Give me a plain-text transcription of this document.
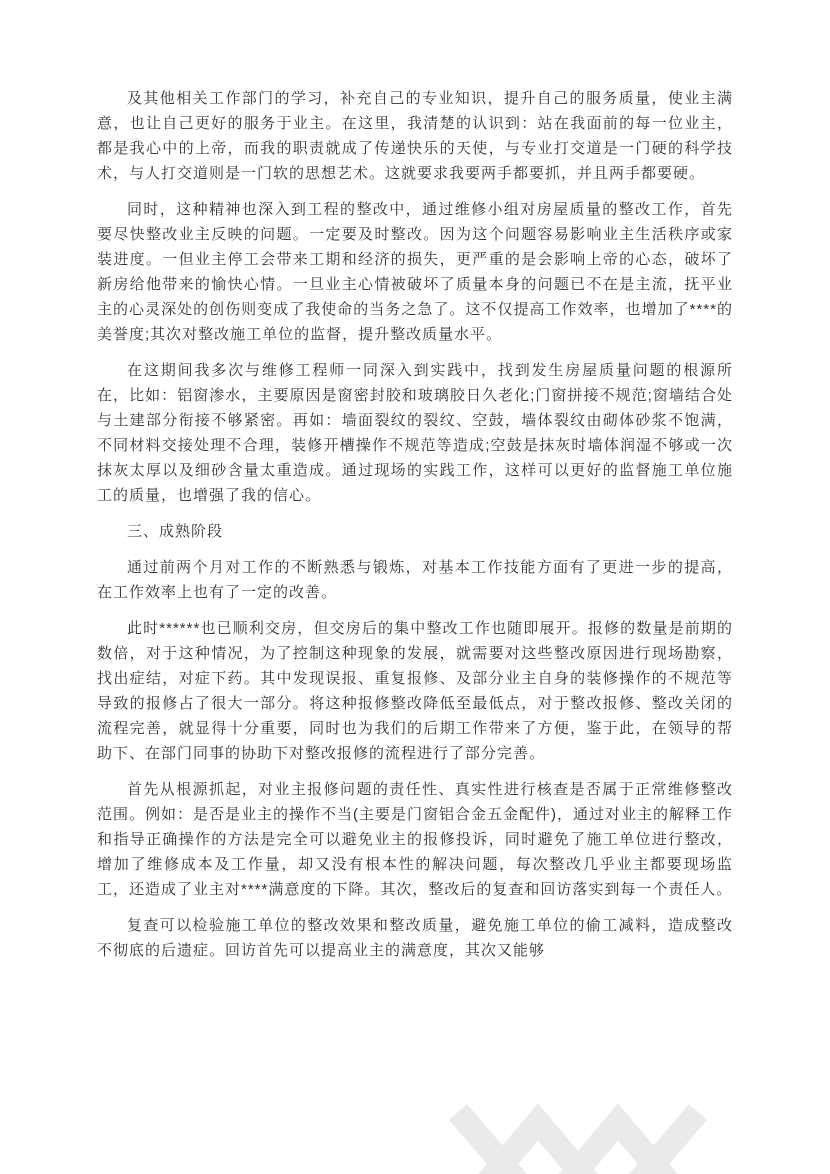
及其他相关工作部门的学习，补充自己的专业知识，提升自己的服务质量，使业主满意，也让自己更好的服务于业主。在这里，我清楚的认识到：站在我面前的每一位业主，都是我心中的上帝，而我的职责就成了传递快乐的天使，与专业打交道是一门硬的科学技术，与人打交道则是一门软的思想艺术。这就要求我要两手都要抓，并且两手都要硬。

同时，这种精神也深入到工程的整改中，通过维修小组对房屋质量的整改工作，首先要尽快整改业主反映的问题。一定要及时整改。因为这个问题容易影响业主生活秩序或家装进度。一但业主停工会带来工期和经济的损失，更严重的是会影响上帝的心态，破坏了新房给他带来的愉快心情。一旦业主心情被破坏了质量本身的问题已不在是主流，抚平业主的心灵深处的创伤则变成了我使命的当务之急了。这不仅提高工作效率，也增加了****的美誉度;其次对整改施工单位的监督，提升整改质量水平。

在这期间我多次与维修工程师一同深入到实践中，找到发生房屋质量问题的根源所在，比如：铝窗渗水，主要原因是窗密封胶和玻璃胶日久老化;门窗拼接不规范;窗墙结合处与土建部分衔接不够紧密。再如：墙面裂纹的裂纹、空鼓，墙体裂纹由砌体砂浆不饱满，不同材料交接处理不合理，装修开槽操作不规范等造成;空鼓是抹灰时墙体润湿不够或一次抹灰太厚以及细砂含量太重造成。通过现场的实践工作，这样可以更好的监督施工单位施工的质量，也增强了我的信心。

三、成熟阶段

通过前两个月对工作的不断熟悉与锻炼，对基本工作技能方面有了更进一步的提高，在工作效率上也有了一定的改善。

此时******也已顺利交房，但交房后的集中整改工作也随即展开。报修的数量是前期的数倍，对于这种情况，为了控制这种现象的发展，就需要对这些整改原因进行现场勘察，找出症结，对症下药。其中发现误报、重复报修、及部分业主自身的装修操作的不规范等导致的报修占了很大一部分。将这种报修整改降低至最低点，对于整改报修、整改关闭的流程完善，就显得十分重要，同时也为我们的后期工作带来了方便，鉴于此，在领导的帮助下、在部门同事的协助下对整改报修的流程进行了部分完善。

首先从根源抓起，对业主报修问题的责任性、真实性进行核查是否属于正常维修整改范围。例如：是否是业主的操作不当(主要是门窗铝合金五金配件)，通过对业主的解释工作和指导正确操作的方法是完全可以避免业主的报修投诉，同时避免了施工单位进行整改，增加了维修成本及工作量，却又没有根本性的解决问题，每次整改几乎业主都要现场监工，还造成了业主对****满意度的下降。其次，整改后的复查和回访落实到每一个责任人。

复查可以检验施工单位的整改效果和整改质量，避免施工单位的偷工减料，造成整改不彻底的后遗症。回访首先可以提高业主的满意度，其次又能够
